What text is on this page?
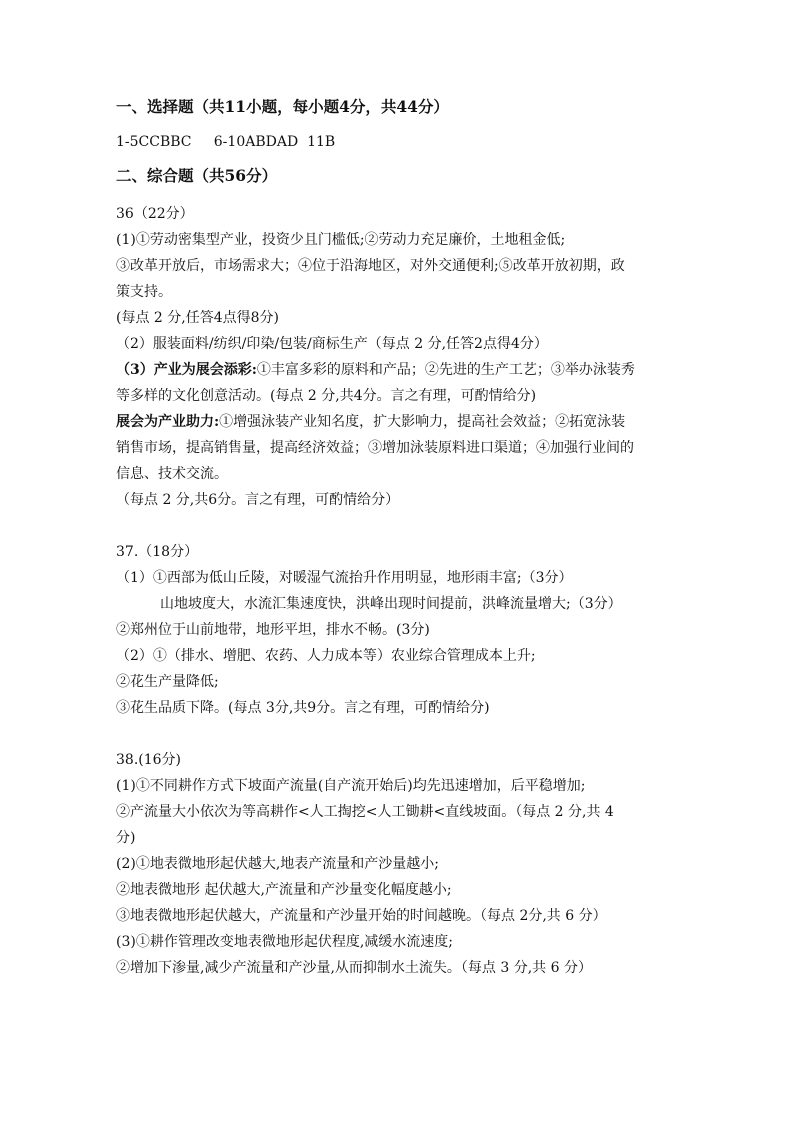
一、选择题（共11小题，每小题4分，共44分）
1-5CCBBC     6-10ABDAD  11B
二、综合题（共56分）
36（22分）
(1)①劳动密集型产业，投资少且门槛低;②劳动力充足廉价，土地租金低;
③改革开放后，市场需求大；④位于沿海地区，对外交通便利;⑤改革开放初期，政
策支持。
(每点 2 分,任答4点得8分)
（2）服装面料/纺织/印染/包装/商标生产（每点 2 分,任答2点得4分）
（3）产业为展会添彩:①丰富多彩的原料和产品；②先进的生产工艺；③举办泳装秀
等多样的文化创意活动。(每点 2 分,共4分。言之有理，可酌情给分)
展会为产业助力:①增强泳装产业知名度，扩大影响力，提高社会效益；②拓宽泳装
销售市场，提高销售量，提高经济效益；③增加泳装原料进口渠道；④加强行业间的
信息、技术交流。
（每点 2 分,共6分。言之有理，可酌情给分）
37.（18分）
（1）①西部为低山丘陵，对暖湿气流抬升作用明显，地形雨丰富;（3分）
山地坡度大，水流汇集速度快，洪峰出现时间提前，洪峰流量增大;（3分）
②郑州位于山前地带，地形平坦，排水不畅。(3分)
（2）①（排水、增肥、农药、人力成本等）农业综合管理成本上升;
②花生产量降低;
③花生品质下降。(每点 3分,共9分。言之有理，可酌情给分)
38.(16分)
(1)①不同耕作方式下坡面产流量(自产流开始后)均先迅速增加，后平稳增加;
②产流量大小依次为等高耕作<人工掏挖<人工锄耕<直线坡面。（每点 2 分,共 4
分)
(2)①地表微地形起伏越大,地表产流量和产沙量越小;
②地表微地形 起伏越大,产流量和产沙量变化幅度越小;
③地表微地形起伏越大，产流量和产沙量开始的时间越晚。（每点 2分,共 6 分）
(3)①耕作管理改变地表微地形起伏程度,减缓水流速度;
②增加下渗量,减少产流量和产沙量,从而抑制水土流失。（每点 3 分,共 6 分）
